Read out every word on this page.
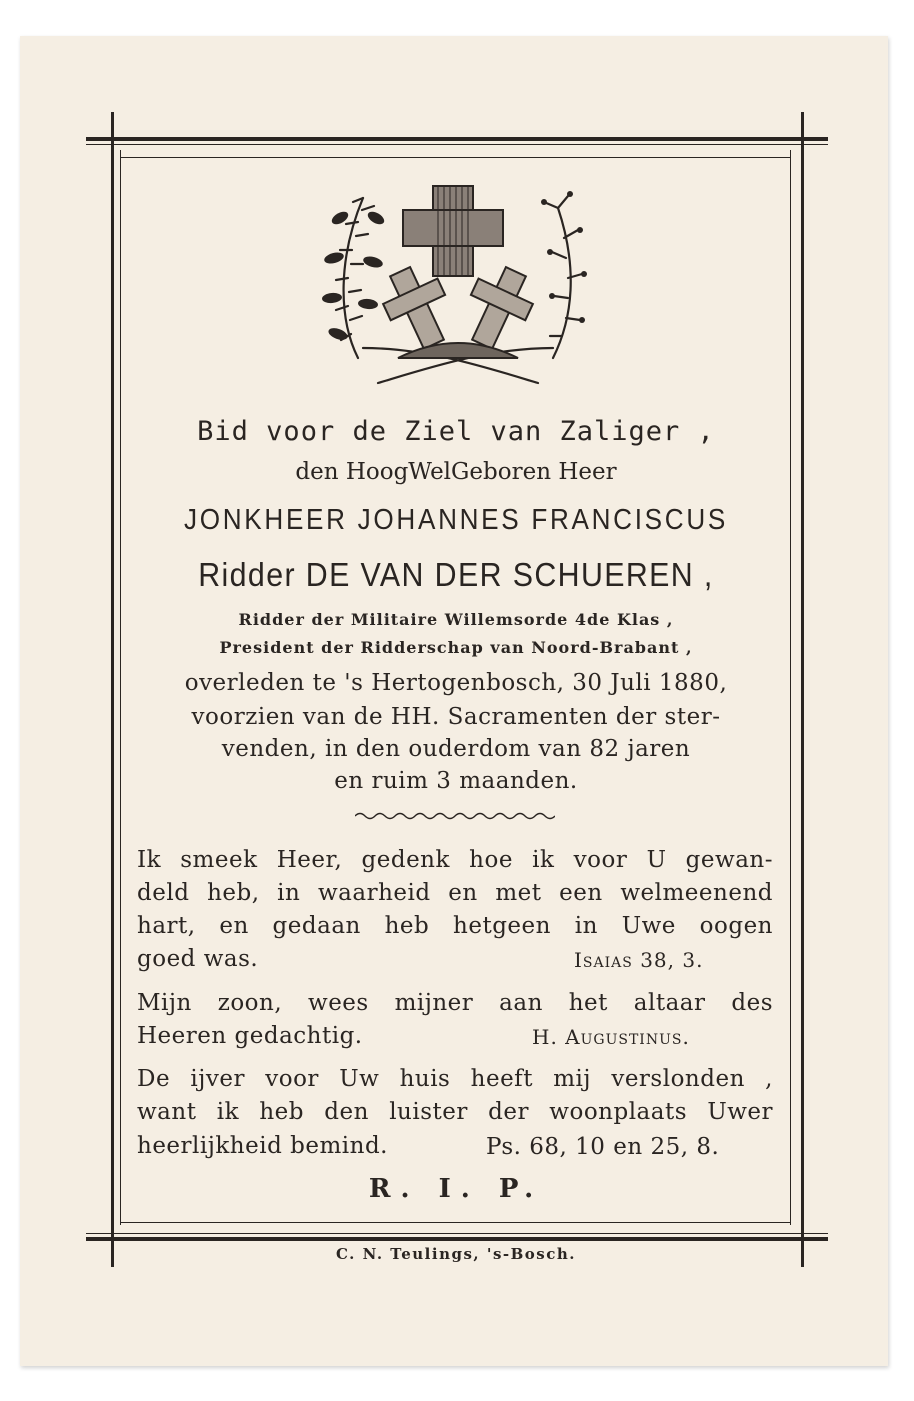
Bid voor de Ziel van Zaliger ,
den HoogWelGeboren Heer
JONKHEER JOHANNES FRANCISCUS
Ridder DE VAN DER SCHUEREN ,
Ridder der Militaire Willemsorde 4de Klas ,
President der Ridderschap van Noord-Brabant ,
overleden te 's Hertogenbosch, 30 Juli 1880,
voorzien van de HH. Sacramenten der ster-
venden, in den ouderdom van 82 jaren
en ruim 3 maanden.
Ik smeek Heer, gedenk hoe ik voor U gewan-
deld heb, in waarheid en met een welmeenend
hart, en gedaan heb hetgeen in Uwe oogen
goed was.	Isaias 38, 3.
Mijn zoon, wees mijner aan het altaar des
Heeren gedachtig.	H. Augustinus.
De ijver voor Uw huis heeft mij verslonden ,
want ik heb den luister der woonplaats Uwer
heerlijkheid bemind.	Ps. 68, 10 en 25, 8.
R. I. P.
C. N. Teulings, 's-Bosch.
